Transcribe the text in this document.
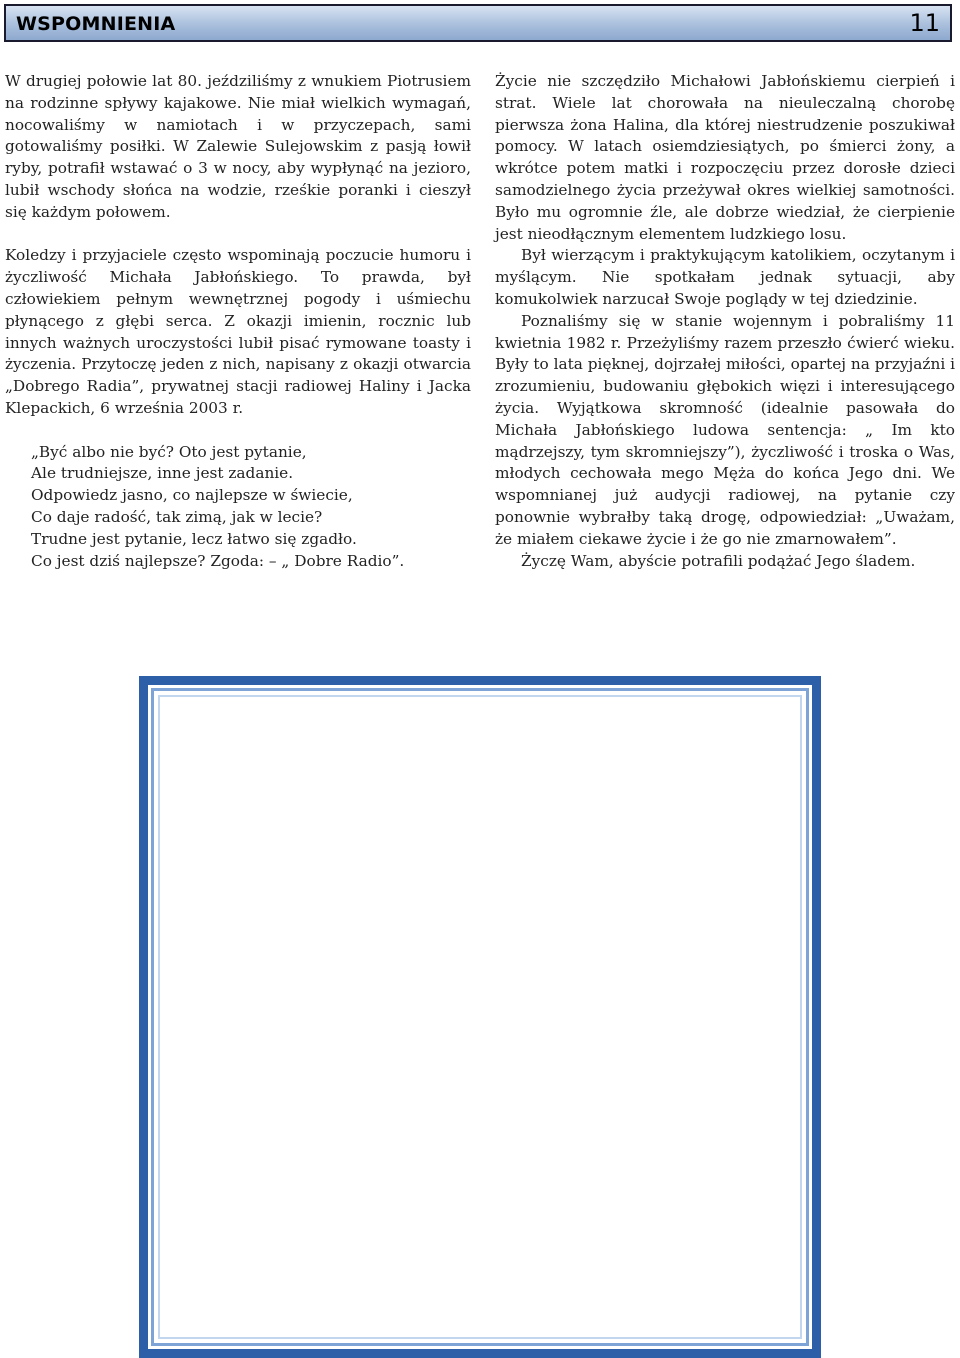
WSPOMNIENIA	11

W drugiej połowie lat 80. jeździliśmy z wnukiem Piotrusiem na rodzinne spływy kajakowe. Nie miał wielkich wymagań, nocowaliśmy w namiotach i w przyczepach, sami gotowaliśmy posiłki. W Zalewie Sulejowskim z pasją łowił ryby, potrafił wstawać o 3 w nocy, aby wypłynąć na jezioro, lubił wschody słońca na wodzie, rześkie poranki i cieszył się każdym połowem.

Koledzy i przyjaciele często wspominają poczucie humoru i życzliwość Michała Jabłońskiego. To prawda, był człowiekiem pełnym wewnętrznej pogody i uśmiechu płynącego z głębi serca. Z okazji imienin, rocznic lub innych ważnych uroczystości lubił pisać rymowane toasty i życzenia. Przytoczę jeden z nich, napisany z okazji otwarcia „Dobrego Radia”, prywatnej stacji radiowej Haliny i Jacka Klepackich, 6 września 2003 r.

„Być albo nie być? Oto jest pytanie,
Ale trudniejsze, inne jest zadanie.
Odpowiedz jasno, co najlepsze w świecie,
Co daje radość, tak zimą, jak w lecie?
Trudne jest pytanie, lecz łatwo się zgadło.
Co jest dziś najlepsze? Zgoda: – „ Dobre Radio”.

Życie nie szczędziło Michałowi Jabłońskiemu cierpień i strat. Wiele lat chorowała na nieuleczalną chorobę pierwsza żona Halina, dla której niestrudzenie poszukiwał pomocy. W latach osiemdziesiątych, po śmierci żony, a wkrótce potem matki i rozpoczęciu przez dorosłe dzieci samodzielnego życia przeżywał okres wielkiej samotności. Było mu ogromnie źle, ale dobrze wiedział, że cierpienie jest nieodłącznym elementem ludzkiego losu.

Był wierzącym i praktykującym katolikiem, oczytanym i myślącym. Nie spotkałam jednak sytuacji, aby komukolwiek narzucał Swoje poglądy w tej dziedzinie.

Poznaliśmy się w stanie wojennym i pobraliśmy 11 kwietnia 1982 r. Przeżyliśmy razem przeszło ćwierć wieku. Były to lata pięknej, dojrzałej miłości, opartej na przyjaźni i zrozumieniu, budowaniu głębokich więzi i interesującego życia. Wyjątkowa skromność (idealnie pasowała do Michała Jabłońskiego ludowa sentencja: „ Im kto mądrzejszy, tym skromniejszy”), życzliwość i troska o Was, młodych cechowała mego Męża do końca Jego dni. We wspomnianej już audycji radiowej, na pytanie czy ponownie wybrałby taką drogę, odpowiedział: „Uważam, że miałem ciekawe życie i że go nie zmarnowałem”.

Życzę Wam, abyście potrafili podążać Jego śladem.
